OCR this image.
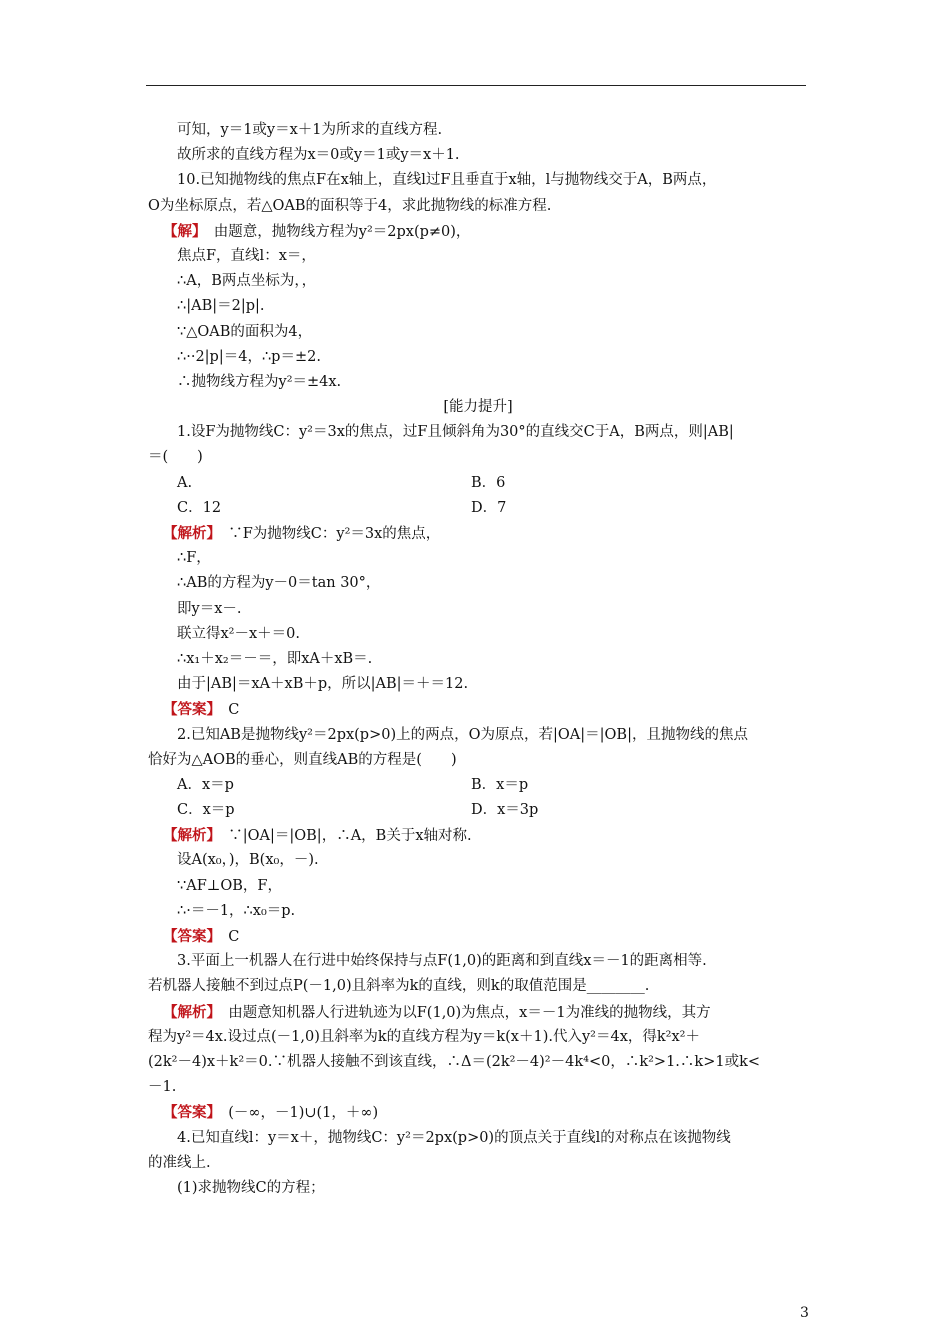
可知，y＝1或y＝x＋1为所求的直线方程.
故所求的直线方程为x＝0或y＝1或y＝x＋1.
10.已知抛物线的焦点F在x轴上，直线l过F且垂直于x轴，l与抛物线交于A，B两点，
O为坐标原点，若△OAB的面积等于4，求此抛物线的标准方程.
【解】　由题意，抛物线方程为y²＝2px(p≠0)，
焦点F，直线l：x＝，
∴A，B两点坐标为，，
∴|AB|＝2|p|.
∵△OAB的面积为4，
∴··2|p|＝4，∴p＝±2.
∴抛物线方程为y²＝±4x.
[能力提升]
1.设F为抛物线C：y²＝3x的焦点，过F且倾斜角为30°的直线交C于A，B两点，则|AB|
＝(　　)
A.	B．6
C．12	D．7
【解析】　∵F为抛物线C：y²＝3x的焦点，
∴F，
∴AB的方程为y－0＝tan 30°，
即y＝x－.
联立得x²－x＋＝0.
∴x₁＋x₂＝－＝，即xA＋xB＝.
由于|AB|＝xA＋xB＋p，所以|AB|＝＋＝12.
【答案】　C
2.已知AB是抛物线y²＝2px(p>0)上的两点，O为原点，若|OA|＝|OB|，且抛物线的焦点
恰好为△AOB的垂心，则直线AB的方程是(　　)
A．x＝p	B．x＝p
C．x＝p	D．x＝3p
【解析】　∵|OA|＝|OB|，∴A，B关于x轴对称.
设A(x₀，)，B(x₀，－).
∵AF⊥OB，F，
∴·＝－1，∴x₀＝p.
【答案】　C
3.平面上一机器人在行进中始终保持与点F(1,0)的距离和到直线x＝－1的距离相等.
若机器人接触不到过点P(－1,0)且斜率为k的直线，则k的取值范围是________.
【解析】　由题意知机器人行进轨迹为以F(1,0)为焦点，x＝－1为准线的抛物线，其方
程为y²＝4x.设过点(－1,0)且斜率为k的直线方程为y＝k(x＋1).代入y²＝4x，得k²x²＋
(2k²－4)x＋k²＝0.∵机器人接触不到该直线，∴Δ＝(2k²－4)²－4k⁴<0，∴k²>1.∴k>1或k<
－1.
【答案】　(－∞，－1)∪(1，＋∞)
4.已知直线l：y＝x＋，抛物线C：y²＝2px(p>0)的顶点关于直线l的对称点在该抛物线
的准线上.
(1)求抛物线C的方程；
3
